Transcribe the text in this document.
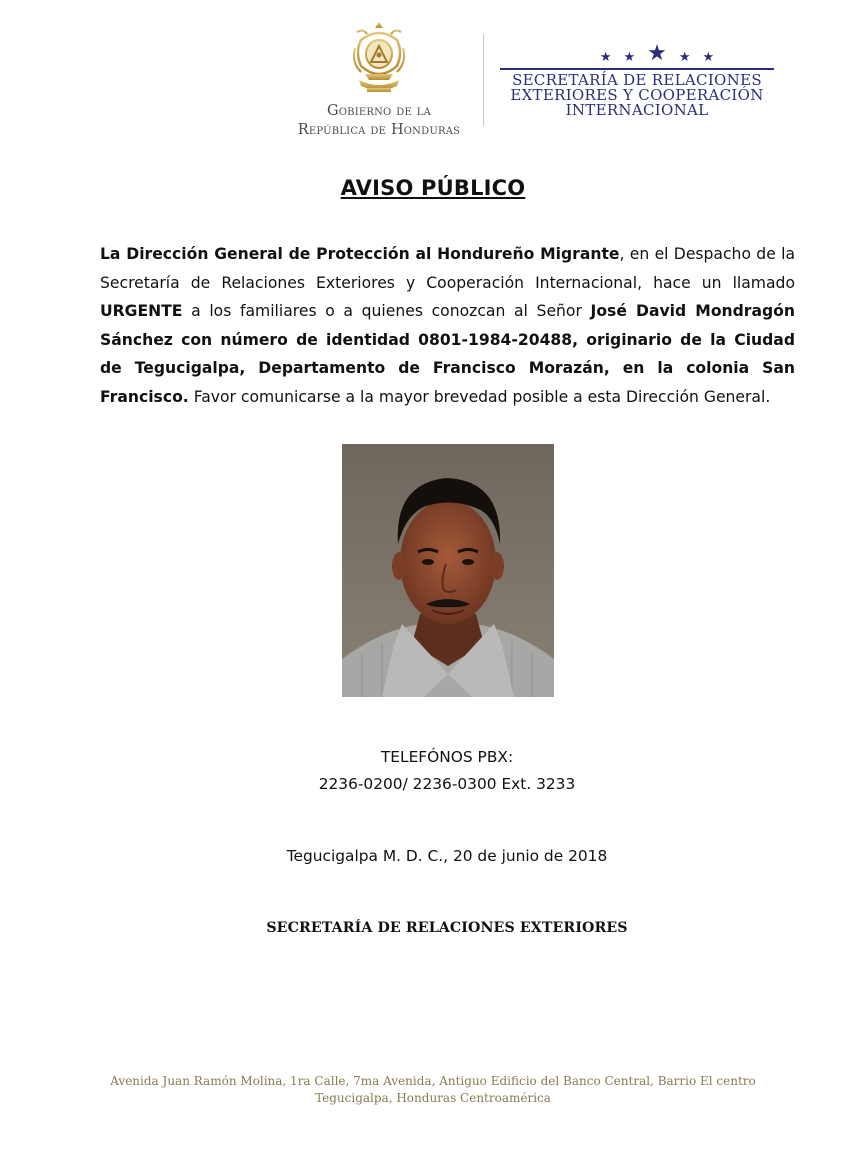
Gobierno de la
República de Honduras
★ ★ ★ ★ ★
SECRETARÍA DE RELACIONES
EXTERIORES Y COOPERACIÓN
INTERNACIONAL
AVISO PÚBLICO

La Dirección General de Protección al Hondureño Migrante, en el Despacho de la Secretaría de Relaciones Exteriores y Cooperación Internacional, hace un llamado URGENTE a los familiares o a quienes conozcan al Señor José David Mondragón Sánchez con número de identidad 0801-1984-20488, originario de la Ciudad de Tegucigalpa, Departamento de Francisco Morazán, en la colonia San Francisco. Favor comunicarse a la mayor brevedad posible a esta Dirección General.

TELEFÓNOS PBX:
2236-0200/ 2236-0300 Ext. 3233
Tegucigalpa M. D. C., 20 de junio de 2018
SECRETARÍA DE RELACIONES EXTERIORES
Avenida Juan Ramón Molina, 1ra Calle, 7ma Avenida, Antiguo Edificio del Banco Central, Barrio El centro
Tegucigalpa, Honduras Centroamérica
